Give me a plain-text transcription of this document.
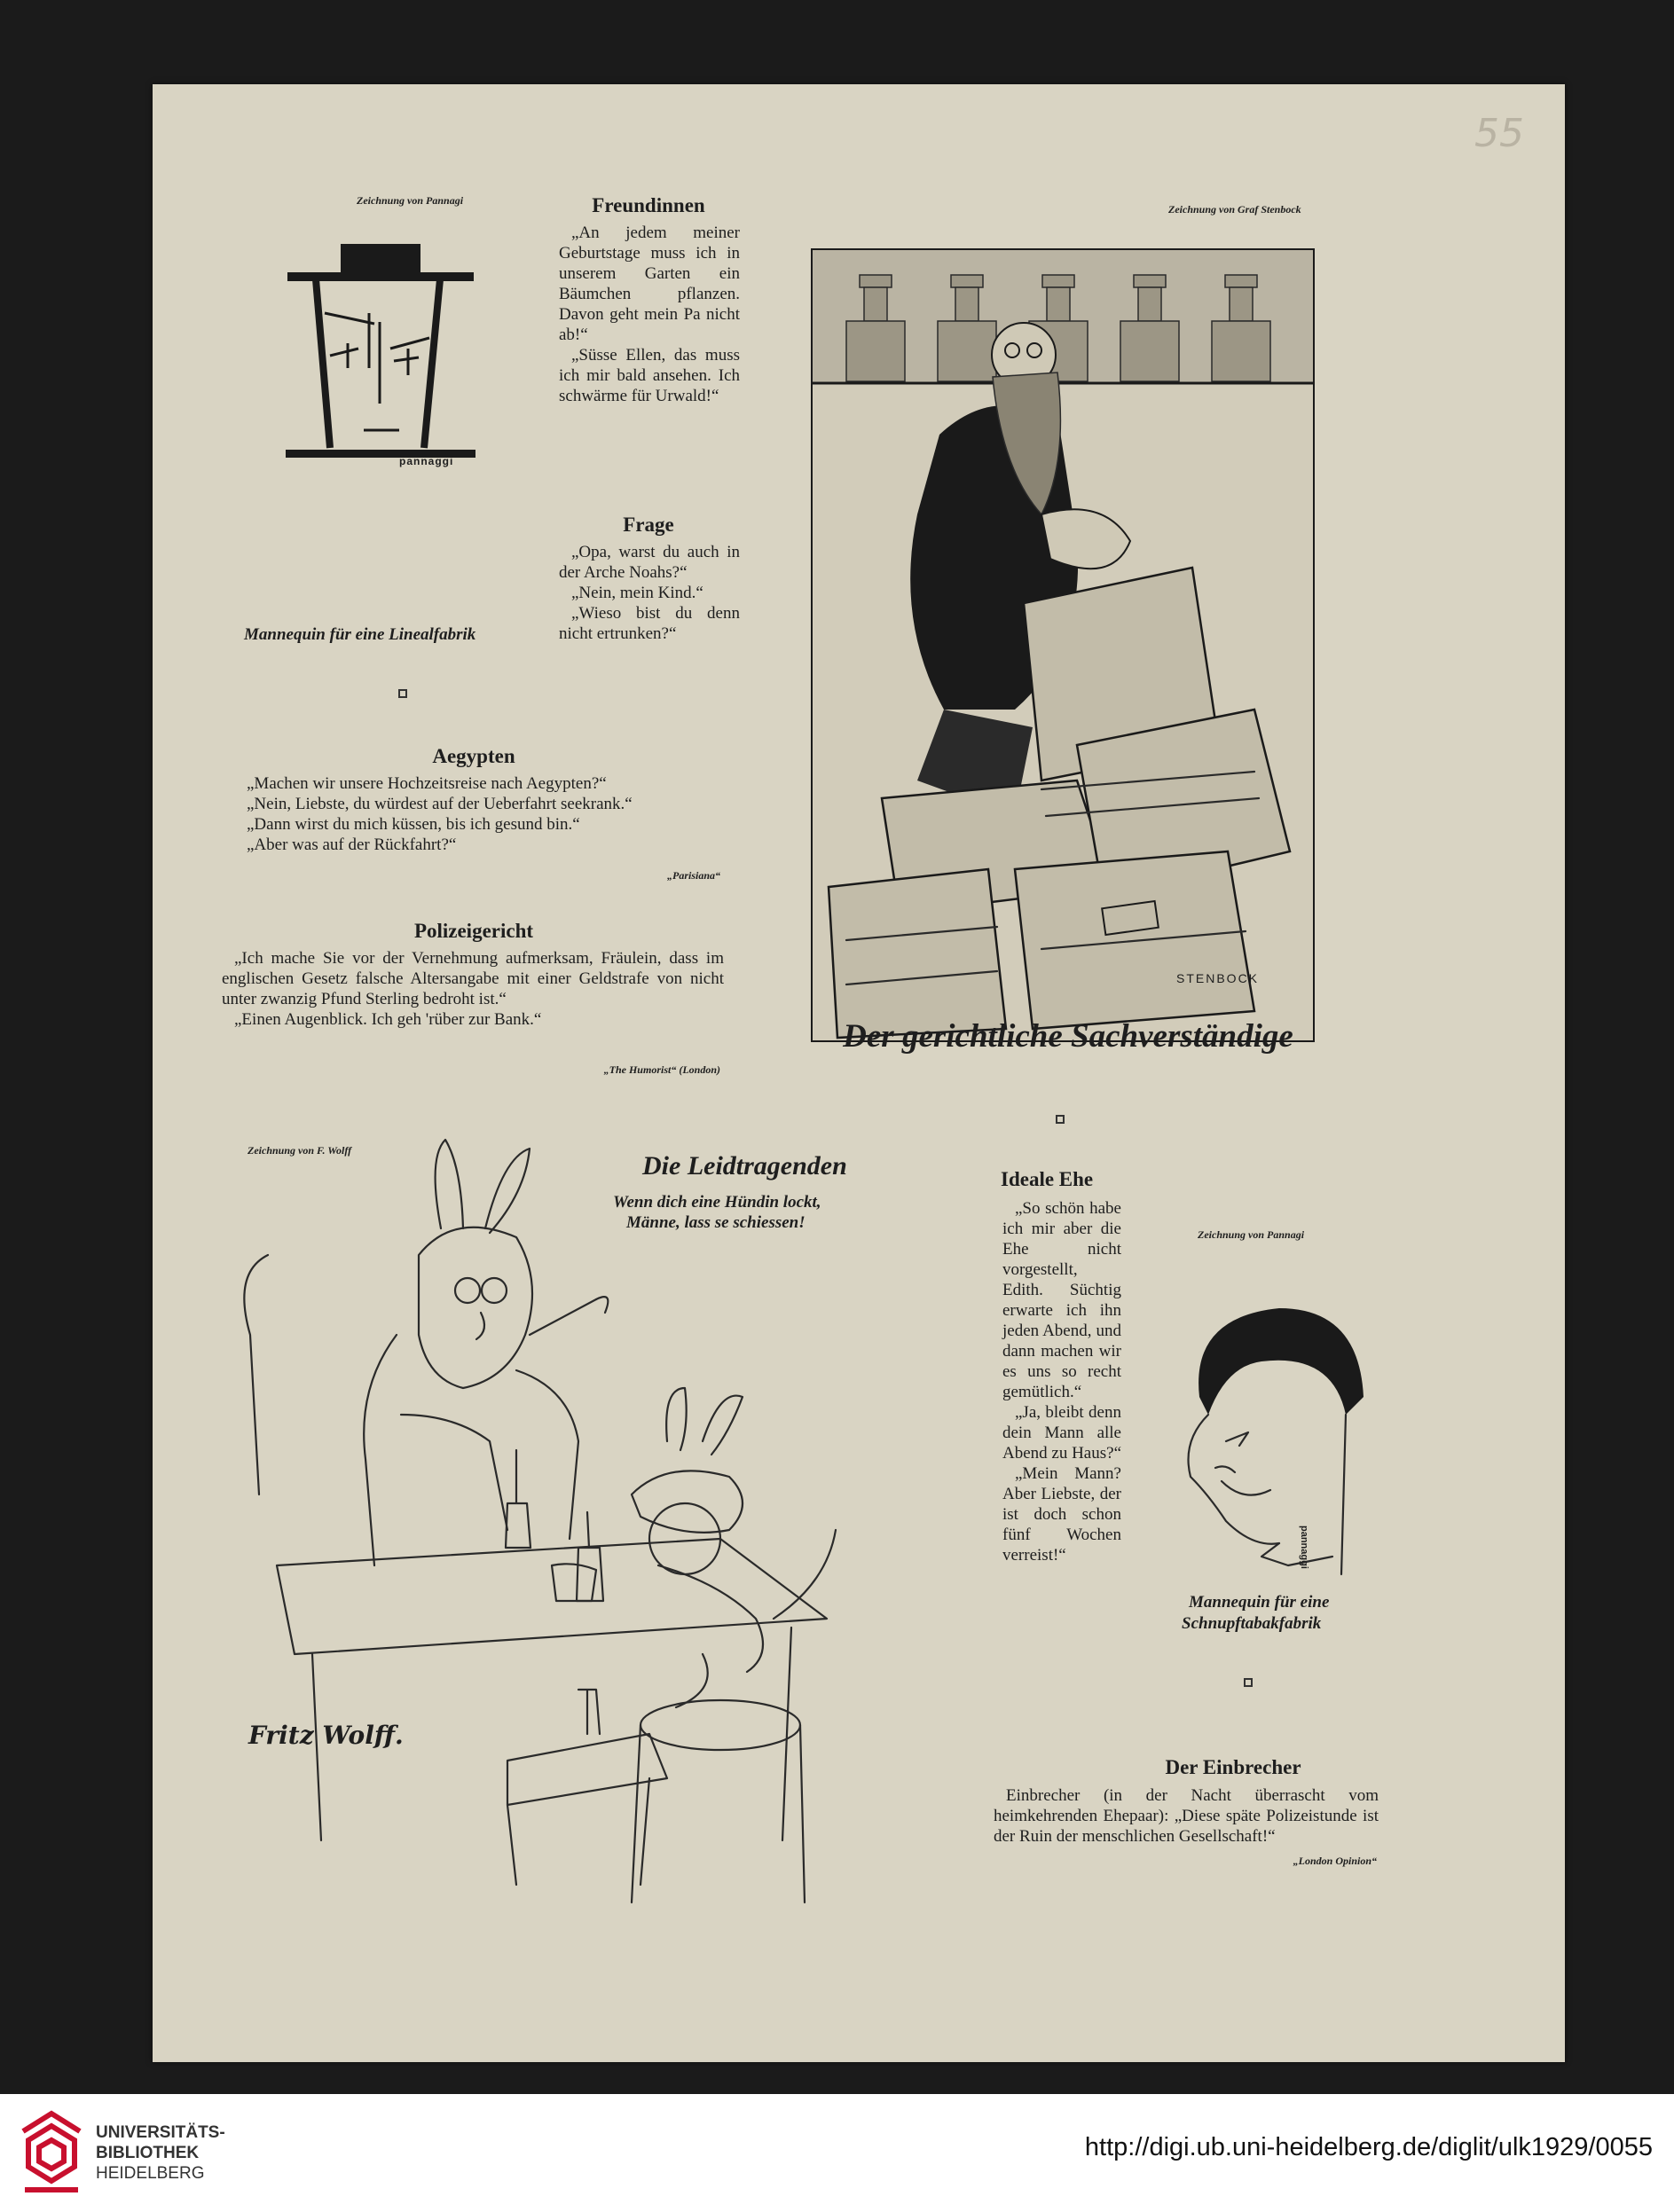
55
Zeichnung von Pannagi
pannaggi
Mannequin für eine Linealfabrik
Freundinnen

„An jedem meiner Geburtstage muss ich in unserem Garten ein Bäumchen pflanzen. Davon geht mein Pa nicht ab!“

„Süsse Ellen, das muss ich mir bald ansehen. Ich schwärme für Urwald!“

Frage

„Opa, warst du auch in der Arche Noahs?“

„Nein, mein Kind.“

„Wieso bist du denn nicht ertrunken?“

Aegypten

„Machen wir unsere Hochzeitsreise nach Aegypten?“

„Nein, Liebste, du würdest auf der Ueberfahrt seekrank.“

„Dann wirst du mich küssen, bis ich gesund bin.“

„Aber was auf der Rückfahrt?“

„Parisiana“
Polizeigericht

„Ich mache Sie vor der Vernehmung aufmerksam, Fräulein, dass im englischen Gesetz falsche Altersangabe mit einer Geldstrafe von nicht unter zwanzig Pfund Sterling bedroht ist.“

„Einen Augenblick. Ich geh 'rüber zur Bank.“

„The Humorist“ (London)
Zeichnung von Graf Stenbock
STENBOCK
Der gerichtliche Sachverständige
Zeichnung von F. Wolff
Fritz Wolff.
Die Leidtragenden
Wenn dich eine Hündin lockt,
Männe, lass se schiessen!
Ideale Ehe

„So schön habe ich mir aber die Ehe nicht vorgestellt, Edith. Süchtig erwarte ich ihn jeden Abend, und dann machen wir es uns so recht gemütlich.“

„Ja, bleibt denn dein Mann alle Abend zu Haus?“

„Mein Mann? Aber Liebste, der ist doch schon fünf Wochen verreist!“

Zeichnung von Pannagi
pannaggi
Mannequin für eine
Schnupftabakfabrik
Der Einbrecher

Einbrecher (in der Nacht überrascht vom heimkehrenden Ehepaar): „Diese späte Polizeistunde ist der Ruin der menschlichen Gesellschaft!“

„London Opinion“
UNIVERSITÄTS-
BIBLIOTHEK
HEIDELBERG
http://digi.ub.uni-heidelberg.de/diglit/ulk1929/0055
